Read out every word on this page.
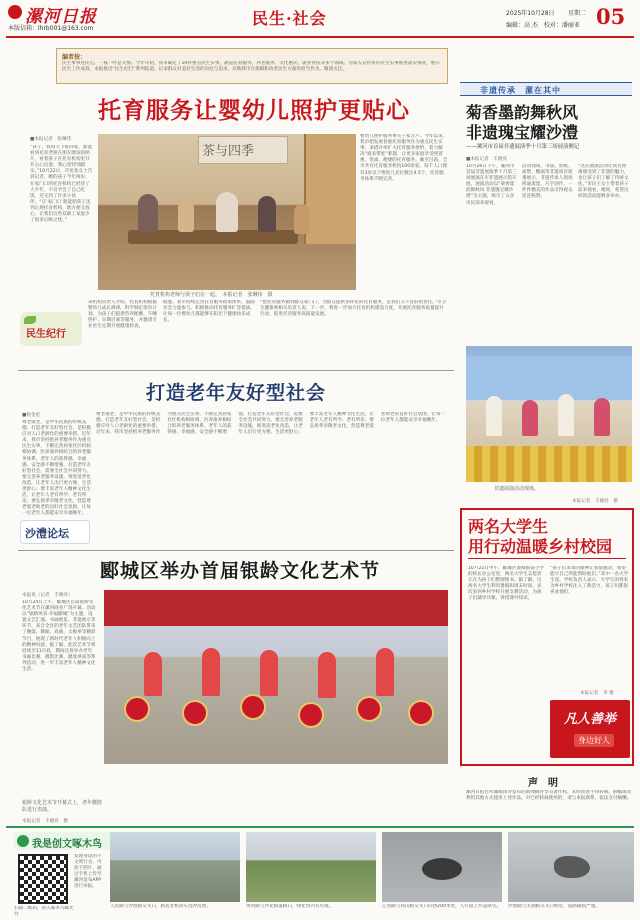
漯河日报
本版信箱：lhrb001@163.com
民生·社会	2025年10月28日 星期二
编辑：高 杰　校对：潘丽亚 05
编者按：
民生事事连民心，一枝一叶总关情。今年年初，我市确定了10件重点民生实事，涵盖托育服务、养老服务、文化惠民、就业帮扶等多个领域。为深入宣传我市民生实事推进落实情况，展示民生工作成效，本报推出“民生纪行”系列报道，记录群众对美好生活的向往与追求，反映我市在保障和改善民生方面的担当作为，敬请关注。
托育服务让婴幼儿照护更贴心
■本报记者　张琳伟
“孩子，我每天下班回家，都能看到托育老师在朋友圈发的照片，看着孩子在托育机构里开开心心玩耍，我心里特别踏实。”10月22日，市民张女士告诉记者，她的孩子今年两岁，在家门口的托育机构已经待了大半年，不仅学会了自己吃饭，还交到了许多小伙伴。“在‘家门口’就能把孩子送到正规托育机构，既方便又放心，让我们这些双职工家庭少了很多后顾之忧。”
茶与四季
托育机构老师与孩子们在一起。　本报记者　张琳伟　摄
婴幼儿照护服务事关千家万户。今年以来，我市把发展普惠托育服务作为重点民生实事，多措并举扩大托育服务供给，着力解决“谁来带娃”难题，让更多家庭享受到普惠、优质、便捷的托育服务。截至目前，全市共有托育服务机构100余家，每千人口拥有3岁以下婴幼儿托位数达4.5个，托育服务体系不断完善。
民生纪行
该机构负责人介绍，托育机构根据婴幼儿成长规律，科学制定保育计划，为孩子们提供营养配餐、午睡照护、早期启蒙等服务，并邀请专业医生定期开展健康检查。
据悉，我市持续完善托育服务政策体系，鼓励社会力量参与，积极推动托育服务扩容提质，让每一位婴幼儿都能够在阳光下健康快乐成长。
“把托育服务做到群众家门口，为群众提供多样化的托育服务，是我们义不容辞的责任。”市卫生健康委相关负责人说，下一步，将进一步加大托育机构建设力度，开展托育服务质量提升行动，促进托育服务高质量发展。
打造老年友好型社会
■杨金星
尊老敬老，是中华民族的传统美德。打造老年友好型社会，是积极应对人口老龄化的重要举措。近年来，我市坚持把养老服务作为重点民生实事，不断完善居家社区机构相协调、医养康养相结合的养老服务体系，老年人的获得感、幸福感、安全感不断增强。打造老年友好型社会，需要全社会共同努力。要完善养老服务设施，推进适老化改造，让老年人出行更方便、生活更舒心；要丰富老年人精神文化生活，让老年人老有所学、老有所乐；要弘扬孝亲敬老文化，营造尊老爱老助老的良好社会氛围，让每一位老年人都能安享幸福晚年。
尊老敬老，是中华民族的传统美德。打造老年友好型社会，是积极应对人口老龄化的重要举措。近年来，我市坚持把养老服务作为重点民生实事，不断完善居家社区机构相协调、医养康养相结合的养老服务体系，老年人的获得感、幸福感、安全感不断增强。打造老年友好型社会，需要全社会共同努力。要完善养老服务设施，推进适老化改造，让老年人出行更方便、生活更舒心；要丰富老年人精神文化生活，让老年人老有所学、老有所乐；要弘扬孝亲敬老文化，营造尊老爱老助老的良好社会氛围，让每一位老年人都能安享幸福晚年。
沙澧论坛
郾城区举办首届银龄文化艺术节
本报讯（记者　丰晓亮）
10月24日上午，郾城区首届银龄文化艺术节在漯河商业广场开幕。活动以“银龄风采·幸福郾城”为主题，设置文艺汇演、书画展览、非遗展示等环节，来自全区的老年文艺团队带来了腰鼓、舞蹈、戏曲、太极拳等精彩节目，展现了新时代老年人积极向上的精神风貌。据了解，此次艺术节将持续至11月底，期间还将举办老年书画比赛、摄影比赛、健康讲座等系列活动，进一步丰富老年人精神文化生活。
银龄文化艺术节开幕式上，老年腰鼓队进行表演。
本报记者　丰晓亮　摄
非遗传承　漯在其中
菊香墨韵舞秋风
非遗瑰宝耀沙澧
——漯河市首届非遗展演季十月第三场展演侧记
■本报记者　丰晓亮
10月26日下午，漯河市首届非遗展演季十月第三场展演在市非遗展示馆开展。展演活动以“菊香墨韵舞秋风 非遗瑰宝耀沙澧”为主题，吸引了众多市民前来观看。
活动现场，书法、剪纸、面塑、糖画等非遗项目轮番展示，非遗传承人现场挥毫泼墨、巧手创作，一件件精美的作品引得观众连连称赞。
“这次展演活动让我近距离感受到了非遗的魅力，也让孩子们了解了传统文化。”市民王女士带着孩子前来观看，她说，希望这样的活动能够多举办。
非遗展演活动现场。
本报记者　丰晓亮　摄
两名大学生
用行动温暖乡村校园
10月22日中午，郾城区裴城镇某小学的校长办公室里，两名大学生志愿者正在为孩子们整理图书。据了解，这两名大学生利用暑假和周末时间，多次来到乡村学校开展支教活动，为孩子们辅导功课、讲授课外知识。
“孩子们求知的眼神让我很感动，希望能尽自己所能帮助他们。”其中一名大学生说。学校负责人表示，大学生的到来为乡村学校注入了新活力，孩子们都很喜欢他们。
本报记者　李 强
凡人善举
身边好人
声　明
漯河日报社所属媒体对发布的新闻稿件享有著作权，未经同意不得转载、摘编或者利用其他方式使用上述作品。对已经转载使用的，请与本报联系，依法支付稿酬。
我是创文啄木鸟
扫描二维码，进入啄木鸟曝光台
发现身边的不文明行为，可拍下照片，通过手机上传至漯河发布APP进行举报。
人民路与沙澧路交叉口，路边非机动车乱停乱放。	黄河路与沙北街道路口，绿化带内有垃圾。	辽河路与祁山路交叉口向西200米处，人行道上井盖缺失。 沙澧路与太湖路交叉口附近，道路破损严重。
